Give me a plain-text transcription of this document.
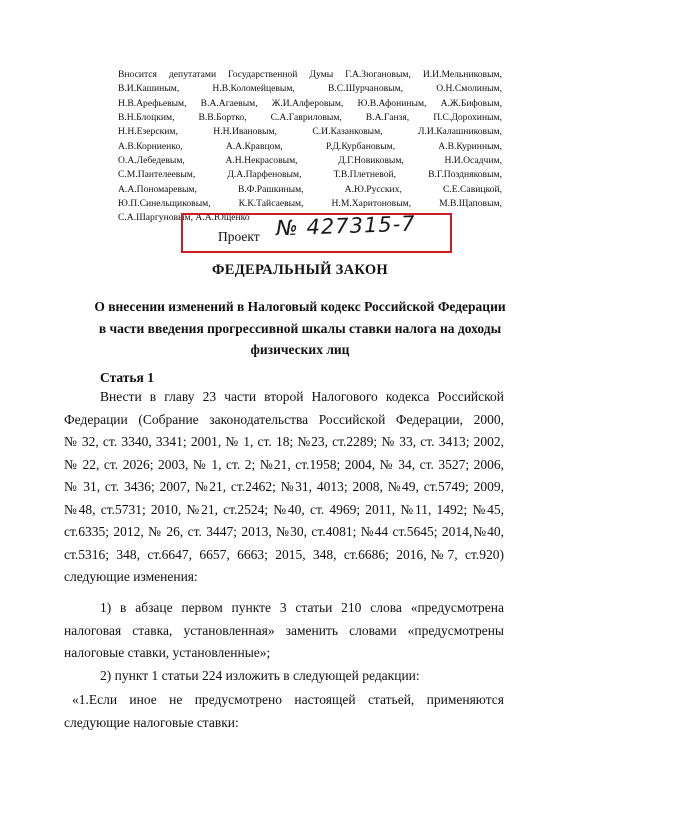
Вносится депутатами Государственной Думы Г.А.Зюгановым, И.И.Мельниковым,
В.И.Кашиным, Н.В.Коломейцевым, В.С.Шурчановым, О.Н.Смолиным,
Н.В.Арефьевым, В.А.Агаевым, Ж.И.Алферовым, Ю.В.Афониным, А.Ж.Бифовым,
В.Н.Блоцким, В.В.Бортко, С.А.Гавриловым, В.А.Ганзя, П.С.Дорохиным,
Н.Н.Езерским, Н.Н.Ивановым, С.И.Казанковым, Л.И.Калашниковым,
А.В.Корниенко, А.А.Кравцом, Р.Д.Курбановым, А.В.Куринным,
О.А.Лебедевым, А.Н.Некрасовым, Д.Г.Новиковым, Н.И.Осадчим,
С.М.Пантелеевым, Д.А.Парфеновым, Т.В.Плетневой, В.Г.Поздняковым,
А.А.Пономаревым, В.Ф.Рашкиным, А.Ю.Русских, С.Е.Савицкой,
Ю.П.Синельщиковым, К.К.Тайсаевым, Н.М.Харитоновым, М.В.Щаповым,
С.А.Шаргуновым, А.А.Ющенко
Проект № 427315-7
ФЕДЕРАЛЬНЫЙ ЗАКОН
О внесении изменений в Налоговый кодекс Российской Федерации
в части введения прогрессивной шкалы ставки налога на доходы
физических лиц
Статья 1
Внести в главу 23 части второй Налогового кодекса Российской
Федерации (Собрание законодательства Российской Федерации, 2000,
№ 32, ст. 3340, 3341; 2001, № 1, ст. 18; №23, ст.2289; № 33, ст. 3413; 2002,
№ 22, ст. 2026; 2003, № 1, ст. 2; №21, ст.1958; 2004, № 34, ст. 3527; 2006,
№ 31, ст. 3436; 2007, №21, ст.2462; №31, 4013; 2008, №49, ст.5749; 2009,
№48, ст.5731; 2010, №21, ст.2524; №40, ст. 4969; 2011, №11, 1492; №45,
ст.6335; 2012, № 26, ст. 3447; 2013, №30, ст.4081; №44 ст.5645; 2014,№40,
ст.5316; 348, ст.6647, 6657, 6663; 2015, 348, ст.6686; 2016,№7, ст.920)
следующие изменения:
1) в абзаце первом пункте 3 статьи 210 слова «предусмотрена
налоговая ставка, установленная» заменить словами «предусмотрены
налоговые ставки, установленные»;
2) пункт 1 статьи 224 изложить в следующей редакции:
«1.Если иное не предусмотрено настоящей статьей, применяются
следующие налоговые ставки:
